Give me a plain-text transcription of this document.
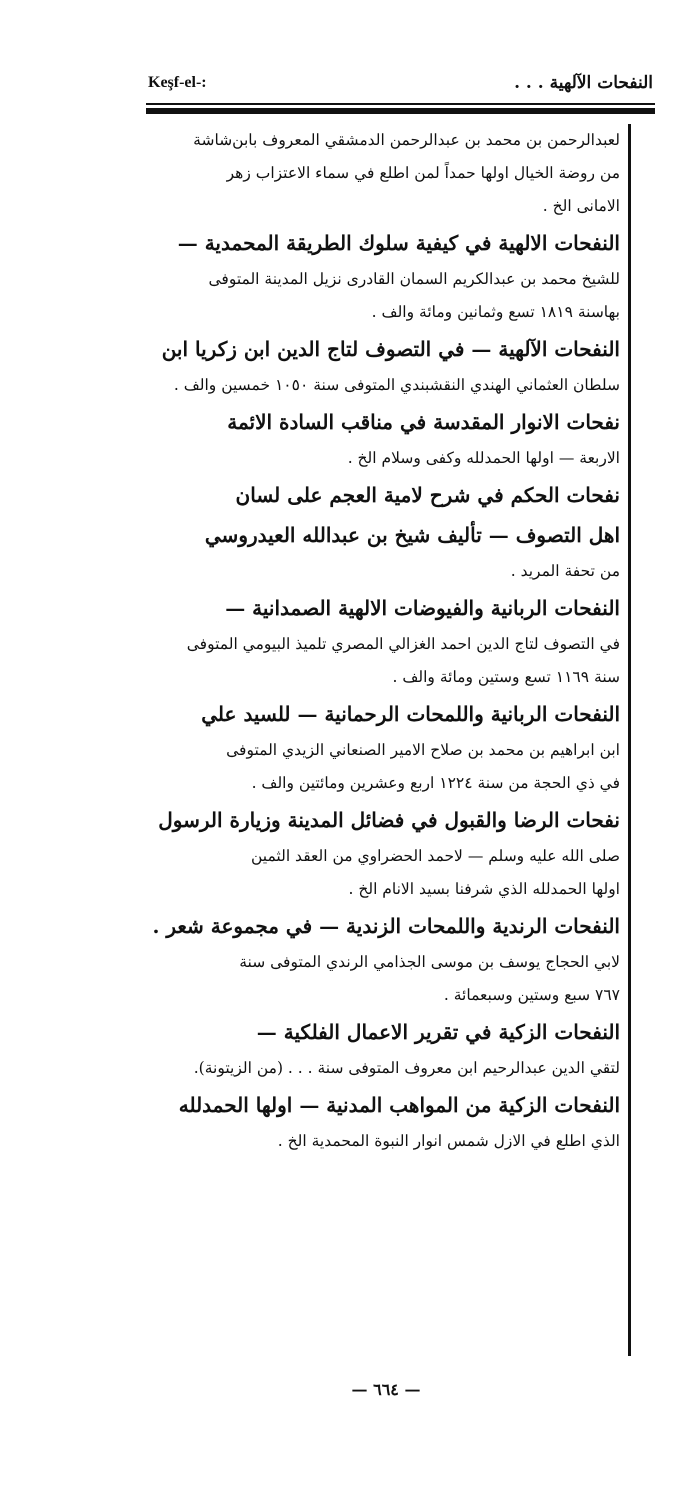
Keşf-el-:	النفحات الآلهية . . .
لعبدالرحمن بن محمد بن عبدالرحمن الدمشقي المعروف بابن‌شاشة
من روضة الخيال اولها حمداً لمن اطلع في سماء الاعتزاب زهر
الامانى الخ .
النفحات الالهية في كيفية سلوك الطريقة المحمدية —
للشيخ محمد بن عبدالكريم السمان القادرى نزيل المدينة المتوفى
بهاسنة ١٨١٩ تسع وثمانين ومائة والف .
النفحات الآلهية — في التصوف لتاج الدين ابن زكريا ابن
سلطان العثماني الهندي النقشبندي المتوفى سنة ١٠٥٠ خمسين والف .
نفحات الانوار المقدسة في مناقب السادة الائمة
الاربعة — اولها الحمدلله وكفى وسلام الخ .
نفحات الحكم في شرح لامية العجم على لسان
اهل التصوف — تأليف شيخ بن عبدالله العيدروسي
من تحفة المريد .
النفحات الربانية والفيوضات الالهية الصمدانية —
في التصوف لتاج الدين احمد الغزالي المصري تلميذ البيومي المتوفى
سنة ١١٦٩ تسع وستين ومائة والف .
النفحات الربانية واللمحات الرحمانية — للسيد علي
ابن ابراهيم بن محمد بن صلاح الامير الصنعاني الزيدي المتوفى
في ذي الحجة من سنة ١٢٢٤ اربع وعشرين ومائتين والف .
نفحات الرضا والقبول في فضائل المدينة وزيارة الرسول
صلى الله عليه وسلم — لاحمد الحضراوي من العقد الثمين
اولها الحمدلله الذي شرفنا بسيد الانام الخ .
النفحات الرندية واللمحات الزندية — في مجموعة شعر .
لابي الحجاج يوسف بن موسى الجذامي الرندي المتوفى سنة
٧٦٧ سبع وستين وسبعمائة .
النفحات الزكية في تقرير الاعمال الفلكية —
لتقي الدين عبدالرحيم ابن معروف المتوفى سنة . . . (من الزيتونة).
النفحات الزكية من المواهب المدنية — اولها الحمدلله
الذي اطلع في الازل شمس انوار النبوة المحمدية الخ .
— ٦٦٤ —
